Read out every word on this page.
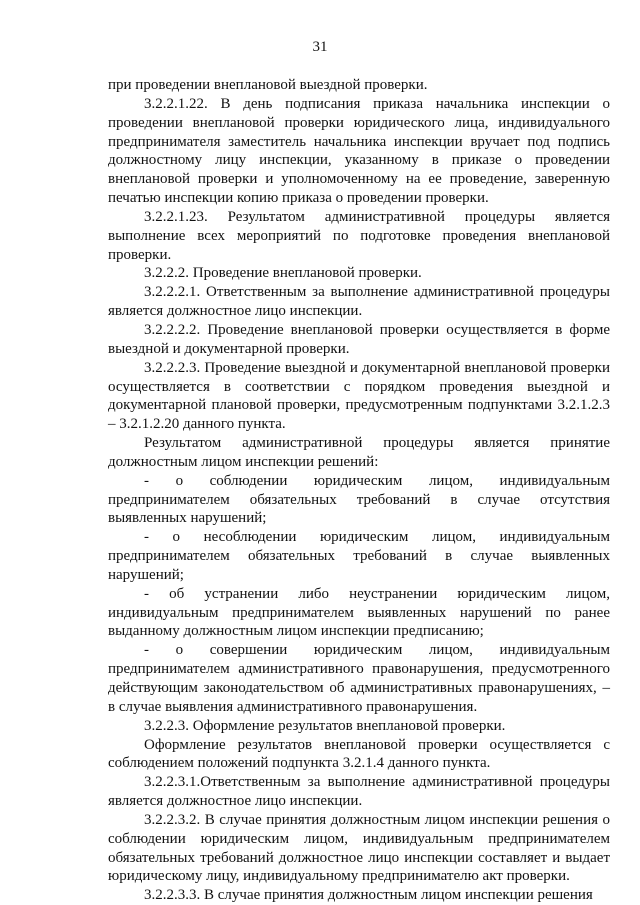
31

при проведении внеплановой выездной проверки.

3.2.2.1.22. В день подписания приказа начальника инспекции о проведении внеплановой проверки юридического лица, индивидуального предпринимателя заместитель начальника инспекции вручает под подпись должностному лицу инспекции, указанному в приказе о проведении внеплановой проверки и уполномоченному на ее проведение, заверенную печатью инспекции копию приказа о проведении проверки.

3.2.2.1.23. Результатом административной процедуры является выполнение всех мероприятий по подготовке проведения внеплановой проверки.

3.2.2.2. Проведение внеплановой проверки.

3.2.2.2.1. Ответственным за выполнение административной процедуры является должностное лицо инспекции.

3.2.2.2.2. Проведение внеплановой проверки осуществляется в форме выездной и документарной проверки.

3.2.2.2.3. Проведение выездной и документарной внеплановой проверки осуществляется в соответствии с порядком проведения выездной и документарной плановой проверки, предусмотренным подпунктами 3.2.1.2.3 – 3.2.1.2.20 данного пункта.

Результатом административной процедуры является принятие должностным лицом инспекции решений:

- о соблюдении юридическим лицом, индивидуальным предпринимателем обязательных требований в случае отсутствия выявленных нарушений;

- о несоблюдении юридическим лицом, индивидуальным предпринимателем обязательных требований в случае выявленных нарушений;

- об устранении либо неустранении юридическим лицом, индивидуальным предпринимателем выявленных нарушений по ранее выданному должностным лицом инспекции предписанию;

- о совершении юридическим лицом, индивидуальным предпринимателем административного правонарушения, предусмотренного действующим законодательством об административных правонарушениях, – в случае выявления административного правонарушения.

3.2.2.3. Оформление результатов внеплановой проверки.

Оформление результатов внеплановой проверки осуществляется с соблюдением положений подпункта 3.2.1.4 данного пункта.

3.2.2.3.1.Ответственным за выполнение административной процедуры является должностное лицо инспекции.

3.2.2.3.2. В случае принятия должностным лицом инспекции решения о соблюдении юридическим лицом, индивидуальным предпринимателем обязательных требований должностное лицо инспекции составляет и выдает юридическому лицу, индивидуальному предпринимателю акт проверки.

3.2.2.3.3. В случае принятия должностным лицом инспекции решения
